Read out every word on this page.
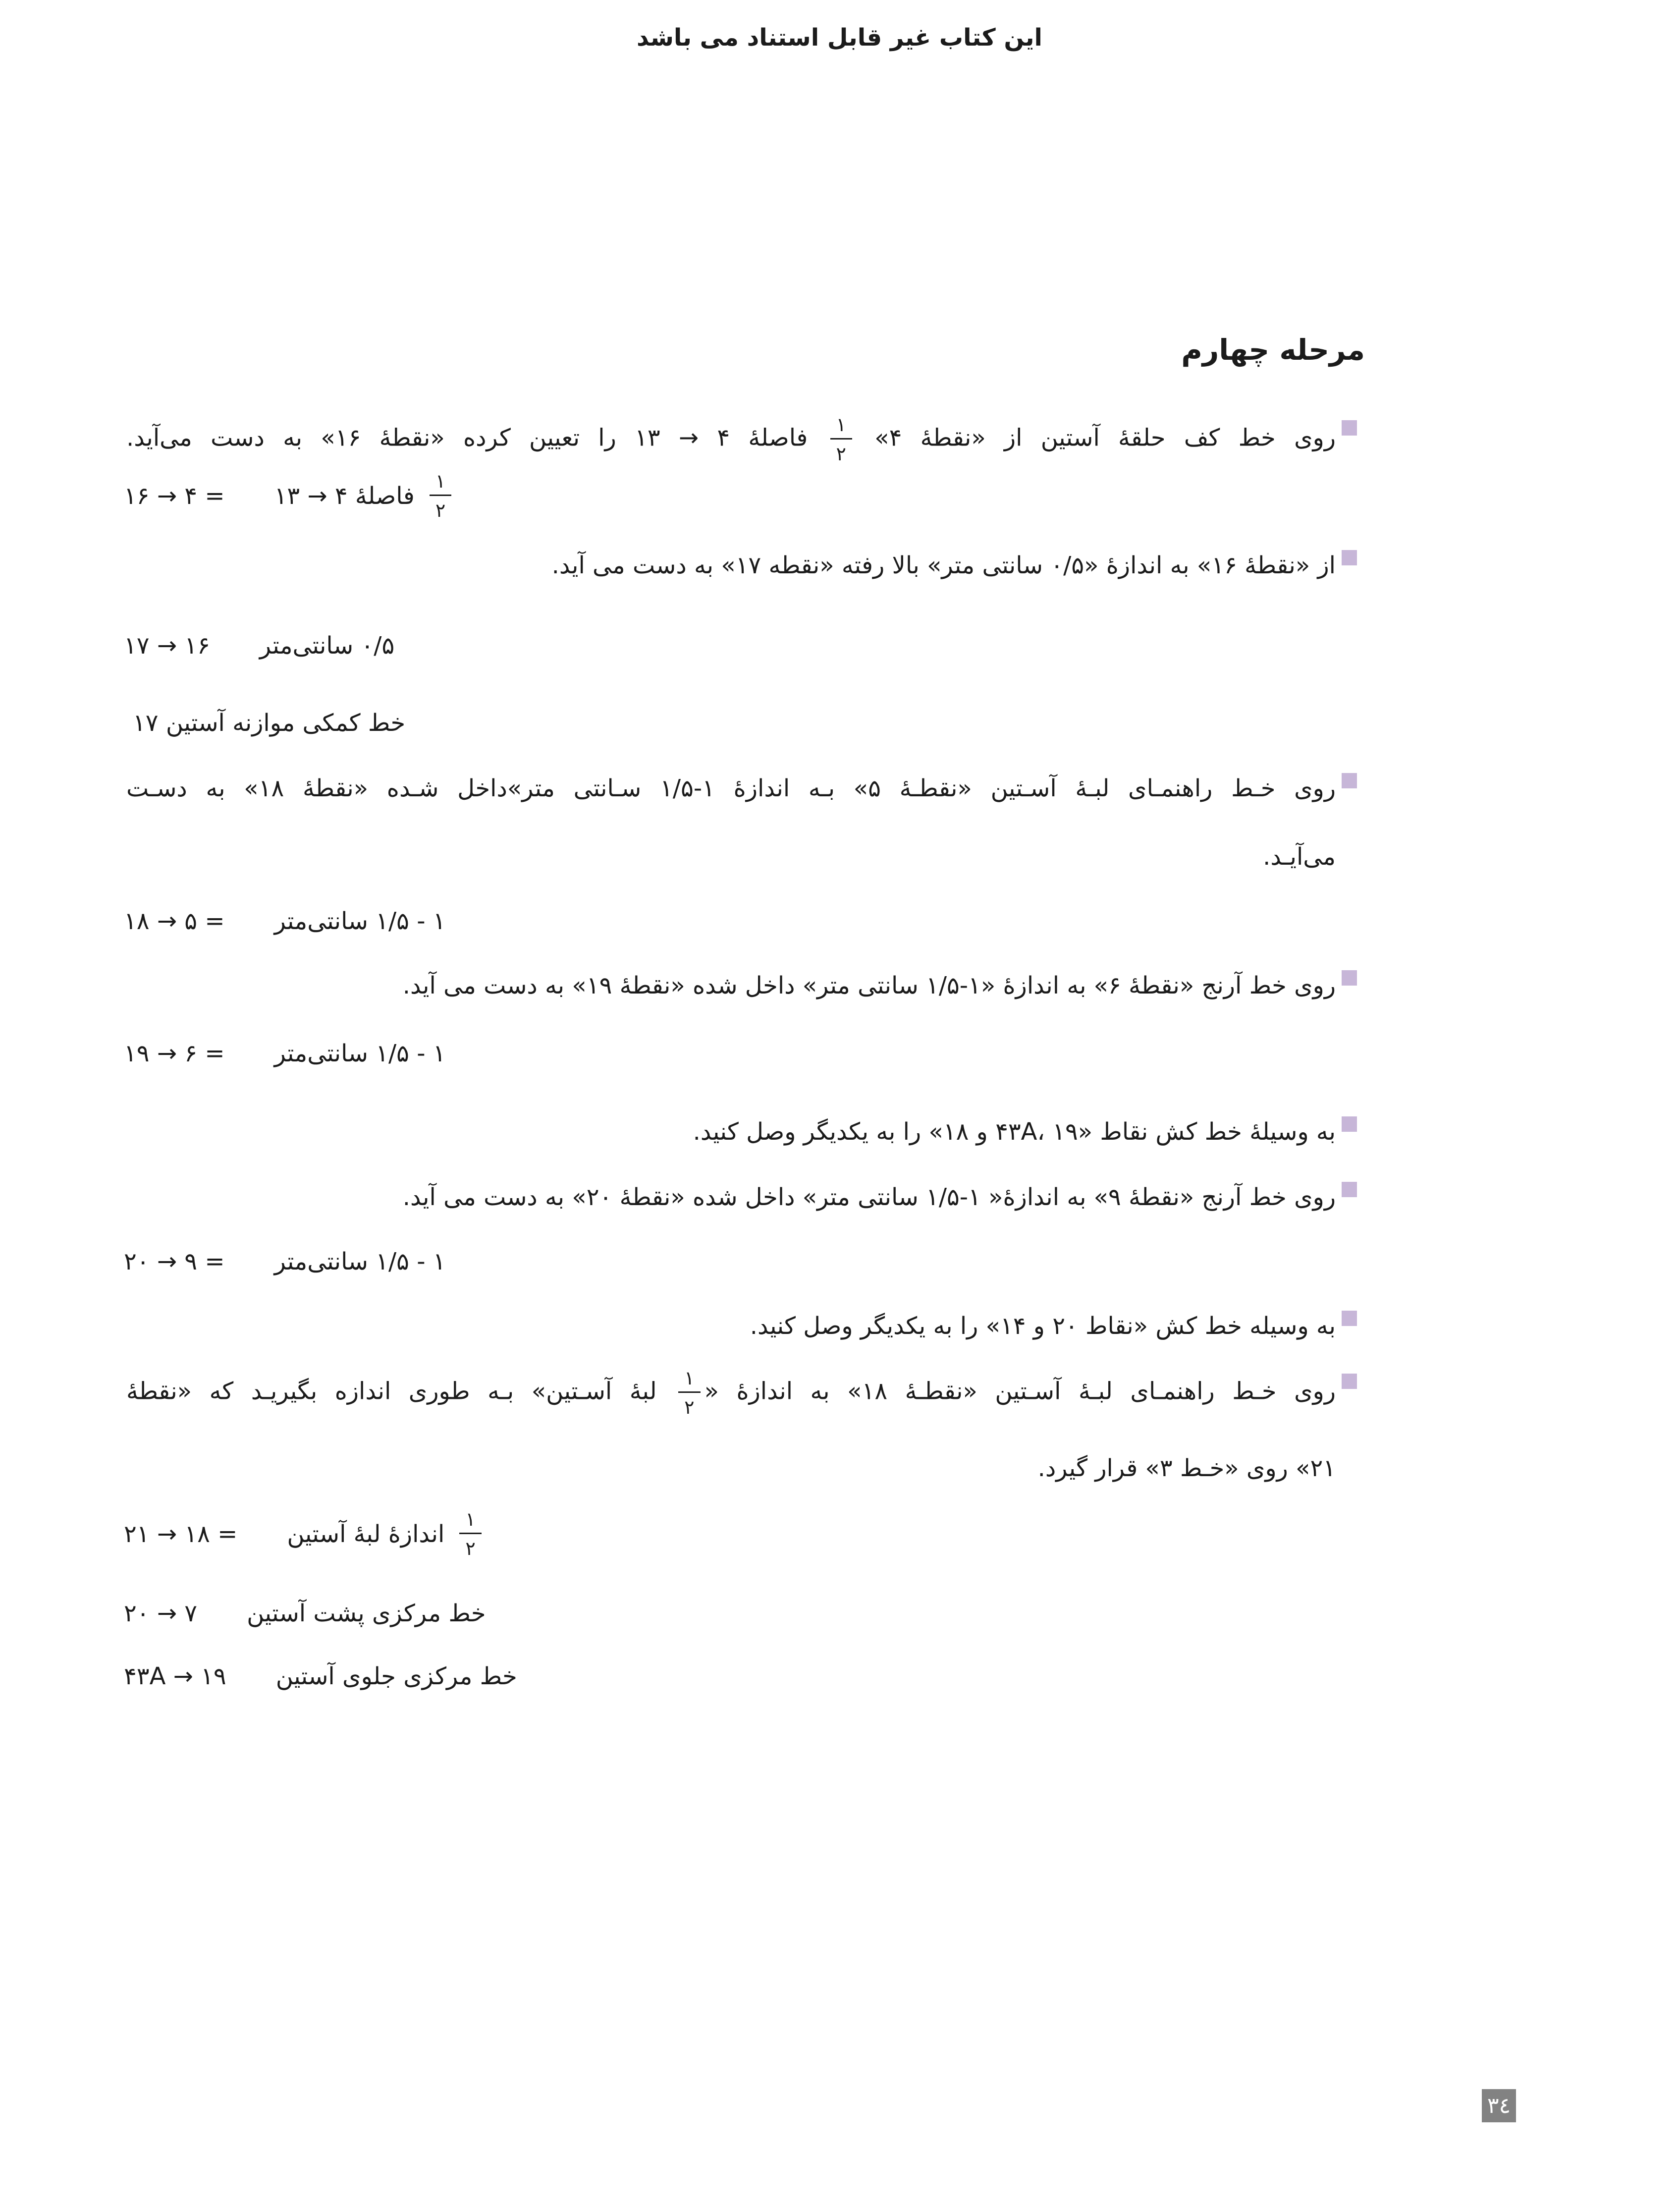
این کتاب غیر قابل استناد می باشد
مرحله چهارم
روی خط کف حلقهٔ آستین از «نقطهٔ ۴»
$\frac{۱}{۲}$
فاصلهٔ ۴ → ۱۳ را تعیین کرده «نقطهٔ ۱۶» به دست می‌آید.
$\frac{۱}{۲}$
فاصلهٔ ۴ → ۱۳
= ۴ → ۱۶
از «نقطهٔ ۱۶» به اندازهٔ «۰/۵ سانتی متر» بالا رفته «نقطه ۱۷» به دست می آید.
۰/۵ سانتی‌متر
۱۶ → ۱۷
خط کمکی موازنه آستین ۱۷
روی خـط راهنمـای لبـهٔ آسـتین «نقطـهٔ ۵» بـه اندازهٔ ۱-۱/۵ سـانتی متر»داخل شـده «نقطهٔ ۱۸» به دسـت
می‌آیـد.
۱ - ۱/۵ سانتی‌متر
= ۵ → ۱۸
روی خط آرنج «نقطهٔ ۶» به اندازهٔ «۱-۱/۵ سانتی متر» داخل شده «نقطهٔ ۱۹» به دست می آید.
۱ - ۱/۵ سانتی‌متر
= ۶ → ۱۹
به وسیلهٔ خط کش نقاط «۴۳A، ۱۹ و ۱۸» را به یکدیگر وصل کنید.
روی خط آرنج «نقطهٔ ۹» به اندازهٔ« ۱-۱/۵ سانتی متر» داخل شده «نقطهٔ ۲۰» به دست می آید.
۱ - ۱/۵ سانتی‌متر
= ۹ → ۲۰
به وسیله خط کش «نقاط ۲۰ و ۱۴» را به یکدیگر وصل کنید.
روی خـط راهنمـای لبـهٔ آسـتین «نقطـهٔ ۱۸» به اندازهٔ «
$\frac{۱}{۲}$
لبهٔ آسـتین» بـه طوری اندازه بگیریـد که «نقطهٔ
۲۱» روی «خـط ۳» قرار گیرد.
$\frac{۱}{۲}$
اندازهٔ لبهٔ آستین
= ۱۸ → ۲۱
خط مرکزی پشت آستین
۷ → ۲۰
خط مرکزی جلوی آستین
۱۹ → ۴۳A
٣٤
